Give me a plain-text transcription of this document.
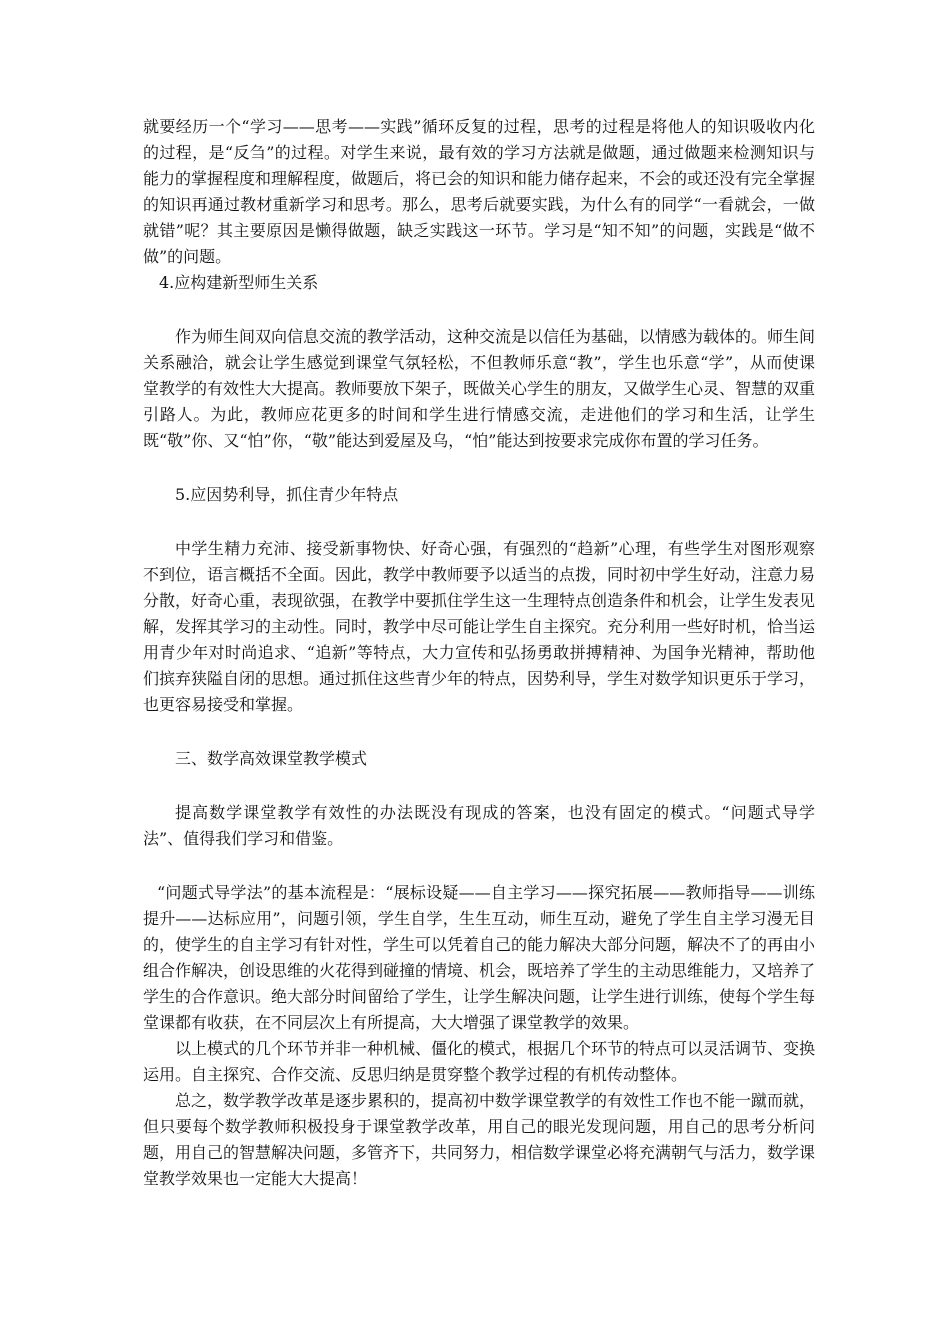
就要经历一个“学习——思考——实践”循环反复的过程，思考的过程是将他人的知识吸收内化的过程，是“反刍”的过程。对学生来说，最有效的学习方法就是做题，通过做题来检测知识与能力的掌握程度和理解程度，做题后，将已会的知识和能力储存起来，不会的或还没有完全掌握的知识再通过教材重新学习和思考。那么，思考后就要实践，为什么有的同学“一看就会，一做就错”呢？其主要原因是懒得做题，缺乏实践这一环节。学习是“知不知”的问题，实践是“做不做”的问题。

4.应构建新型师生关系

作为师生间双向信息交流的教学活动，这种交流是以信任为基础，以情感为载体的。师生间关系融洽，就会让学生感觉到课堂气氛轻松，不但教师乐意“教”，学生也乐意“学”，从而使课堂教学的有效性大大提高。教师要放下架子，既做关心学生的朋友，又做学生心灵、智慧的双重引路人。为此，教师应花更多的时间和学生进行情感交流，走进他们的学习和生活，让学生既“敬”你、又“怕”你，“敬”能达到爱屋及乌，“怕”能达到按要求完成你布置的学习任务。

5.应因势利导，抓住青少年特点

中学生精力充沛、接受新事物快、好奇心强，有强烈的“趋新”心理，有些学生对图形观察不到位，语言概括不全面。因此，教学中教师要予以适当的点拨，同时初中学生好动，注意力易分散，好奇心重，表现欲强，在教学中要抓住学生这一生理特点创造条件和机会，让学生发表见解，发挥其学习的主动性。同时，教学中尽可能让学生自主探究。充分利用一些好时机，恰当运用青少年对时尚追求、“追新”等特点，大力宣传和弘扬勇敢拼搏精神、为国争光精神，帮助他们摈弃狭隘自闭的思想。通过抓住这些青少年的特点，因势利导，学生对数学知识更乐于学习，也更容易接受和掌握。

三、数学高效课堂教学模式

提高数学课堂教学有效性的办法既没有现成的答案，也没有固定的模式。“问题式导学法”、值得我们学习和借鉴。

“问题式导学法”的基本流程是：“展标设疑——自主学习——探究拓展——教师指导——训练提升——达标应用”，问题引领，学生自学，生生互动，师生互动，避免了学生自主学习漫无目的，使学生的自主学习有针对性，学生可以凭着自己的能力解决大部分问题，解决不了的再由小组合作解决，创设思维的火花得到碰撞的情境、机会，既培养了学生的主动思维能力，又培养了学生的合作意识。绝大部分时间留给了学生，让学生解决问题，让学生进行训练，使每个学生每堂课都有收获，在不同层次上有所提高，大大增强了课堂教学的效果。

以上模式的几个环节并非一种机械、僵化的模式，根据几个环节的特点可以灵活调节、变换运用。自主探究、合作交流、反思归纳是贯穿整个教学过程的有机传动整体。

总之，数学教学改革是逐步累积的，提高初中数学课堂教学的有效性工作也不能一蹴而就，但只要每个数学教师积极投身于课堂教学改革，用自己的眼光发现问题，用自己的思考分析问题，用自己的智慧解决问题，多管齐下，共同努力，相信数学课堂必将充满朝气与活力，数学课堂教学效果也一定能大大提高！
